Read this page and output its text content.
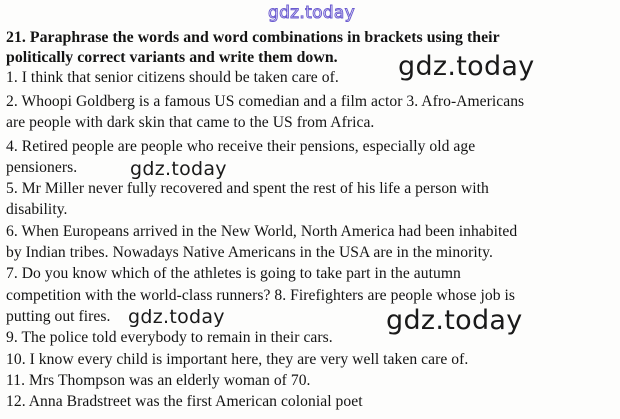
gdz.today
21. Paraphrase the words and word combinations in brackets using their
politically correct variants and write them down.
1. I think that senior citizens should be taken care of.
2. Whoopi Goldberg is a famous US comedian and a film actor 3. Afro-Americans
are people with dark skin that came to the US from Africa.
4. Retired people are people who receive their pensions, especially old age
pensioners.
5. Mr Miller never fully recovered and spent the rest of his life a person with
disability.
6. When Europeans arrived in the New World, North America had been inhabited
by Indian tribes. Nowadays Native Americans in the USA are in the minority.
7. Do you know which of the athletes is going to take part in the autumn
competition with the world-class runners? 8. Firefighters are people whose job is
putting out fires.
9. The police told everybody to remain in their cars.
10. I know every child is important here, they are very well taken care of.
11. Mrs Thompson was an elderly woman of 70.
12. Anna Bradstreet was the first American colonial poet
gdz.today
gdz.today
gdz.today	gdz.today
